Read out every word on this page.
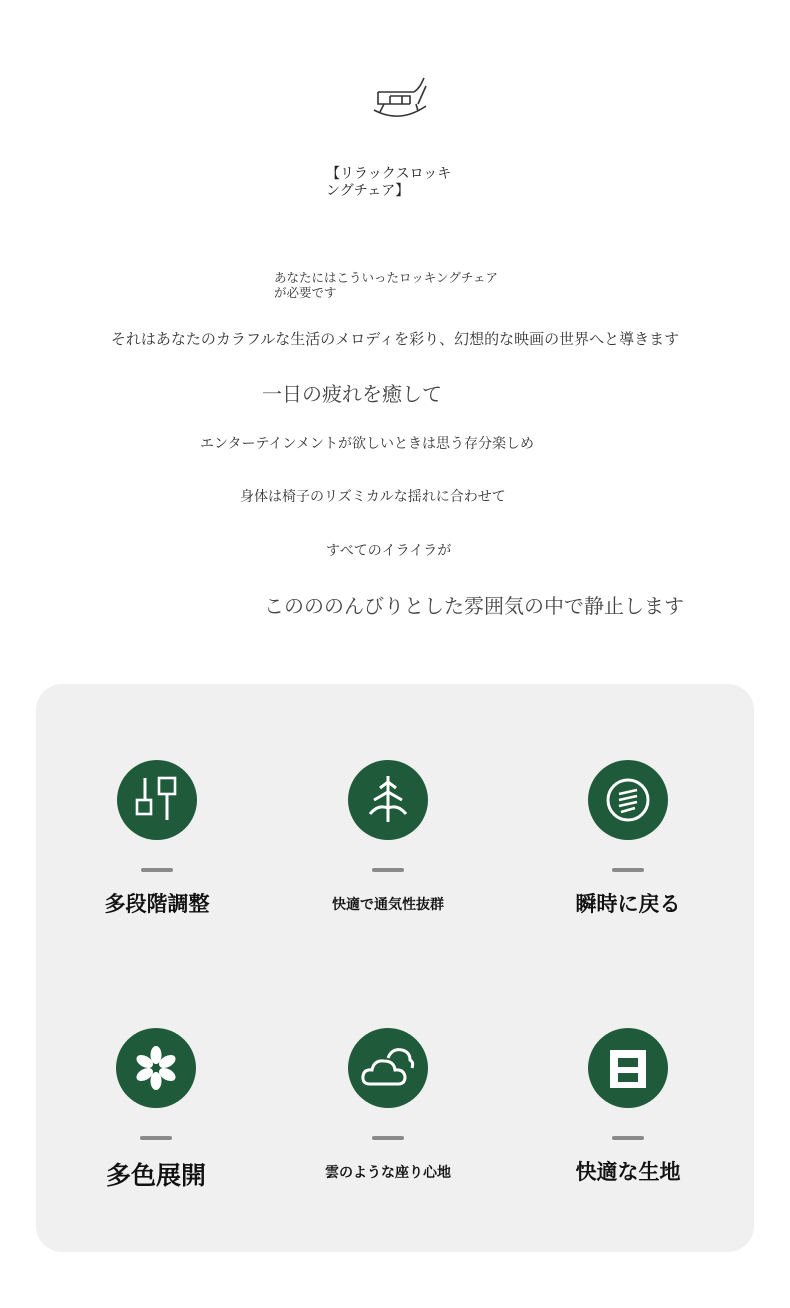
【リラックスロッキ
ングチェア】
あなたにはこういったロッキングチェア
が必要です
それはあなたのカラフルな生活のメロディを彩り、幻想的な映画の世界へと導きます
一日の疲れを癒して
エンターテインメントが欲しいときは思う存分楽しめ
身体は椅子のリズミカルな揺れに合わせて
すべてのイライラが
このののんびりとした雰囲気の中で静止します
多段階調整	快適で通気性抜群	瞬時に戻る
多色展開	雲のような座り心地	快適な生地
